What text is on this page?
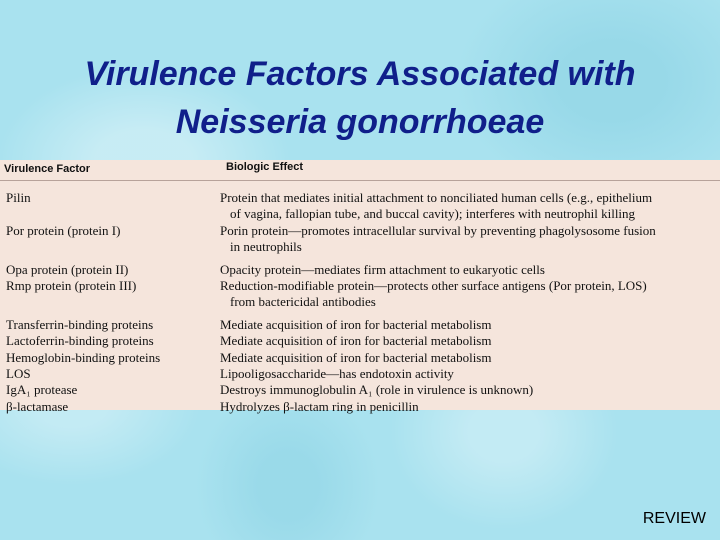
Virulence Factors Associated with
Neisseria gonorrhoeae
Virulence Factor	Biologic Effect
Pilin	Protein that mediates initial attachment to nonciliated human cells (e.g., epithelium
of vagina, fallopian tube, and buccal cavity); interferes with neutrophil killing
Por protein (protein I)	Porin protein—promotes intracellular survival by preventing phagolysosome fusion
in neutrophils
Opa protein (protein II)	Opacity protein—mediates firm attachment to eukaryotic cells
Rmp protein (protein III)	Reduction-modifiable protein—protects other surface antigens (Por protein, LOS)
from bactericidal antibodies
Transferrin-binding proteins	Mediate acquisition of iron for bacterial metabolism
Lactoferrin-binding proteins	Mediate acquisition of iron for bacterial metabolism
Hemoglobin-binding proteins	Mediate acquisition of iron for bacterial metabolism
LOS	Lipooligosaccharide—has endotoxin activity
IgA₁ protease	Destroys immunoglobulin A₁ (role in virulence is unknown)
β-lactamase	Hydrolyzes β-lactam ring in penicillin
REVIEW
